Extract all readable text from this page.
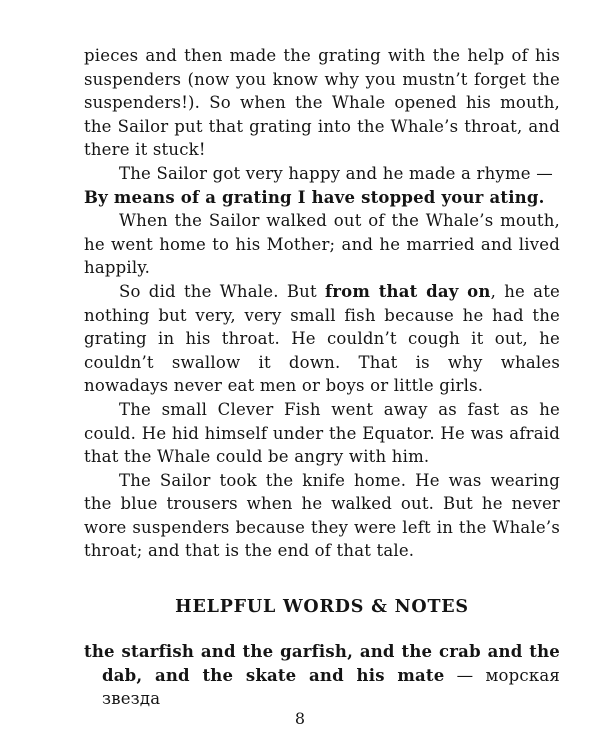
pieces and then made the grating with the help of his suspenders (now you know why you mustn’t forget the suspenders!). So when the Whale opened his mouth, the Sailor put that grating into the Whale’s throat, and there it stuck!

The Sailor got very happy and he made a rhyme —

By means of a grating I have stopped your ating.

When the Sailor walked out of the Whale’s mouth, he went home to his Mother; and he married and lived happily.

So did the Whale. But from that day on, he ate nothing but very, very small fish because he had the grating in his throat. He couldn’t cough it out, he couldn’t swallow it down. That is why whales nowadays never eat men or boys or little girls.

The small Clever Fish went away as fast as he could. He hid himself under the Equator. He was afraid that the Whale could be angry with him.

The Sailor took the knife home. He was wearing the blue trousers when he walked out. But he never wore suspenders because they were left in the Whale’s throat; and that is the end of that tale.

HELPFUL WORDS & NOTES
the starfish and the garfish, and the crab and the
dab, and the skate and his mate — морская звезда
8
